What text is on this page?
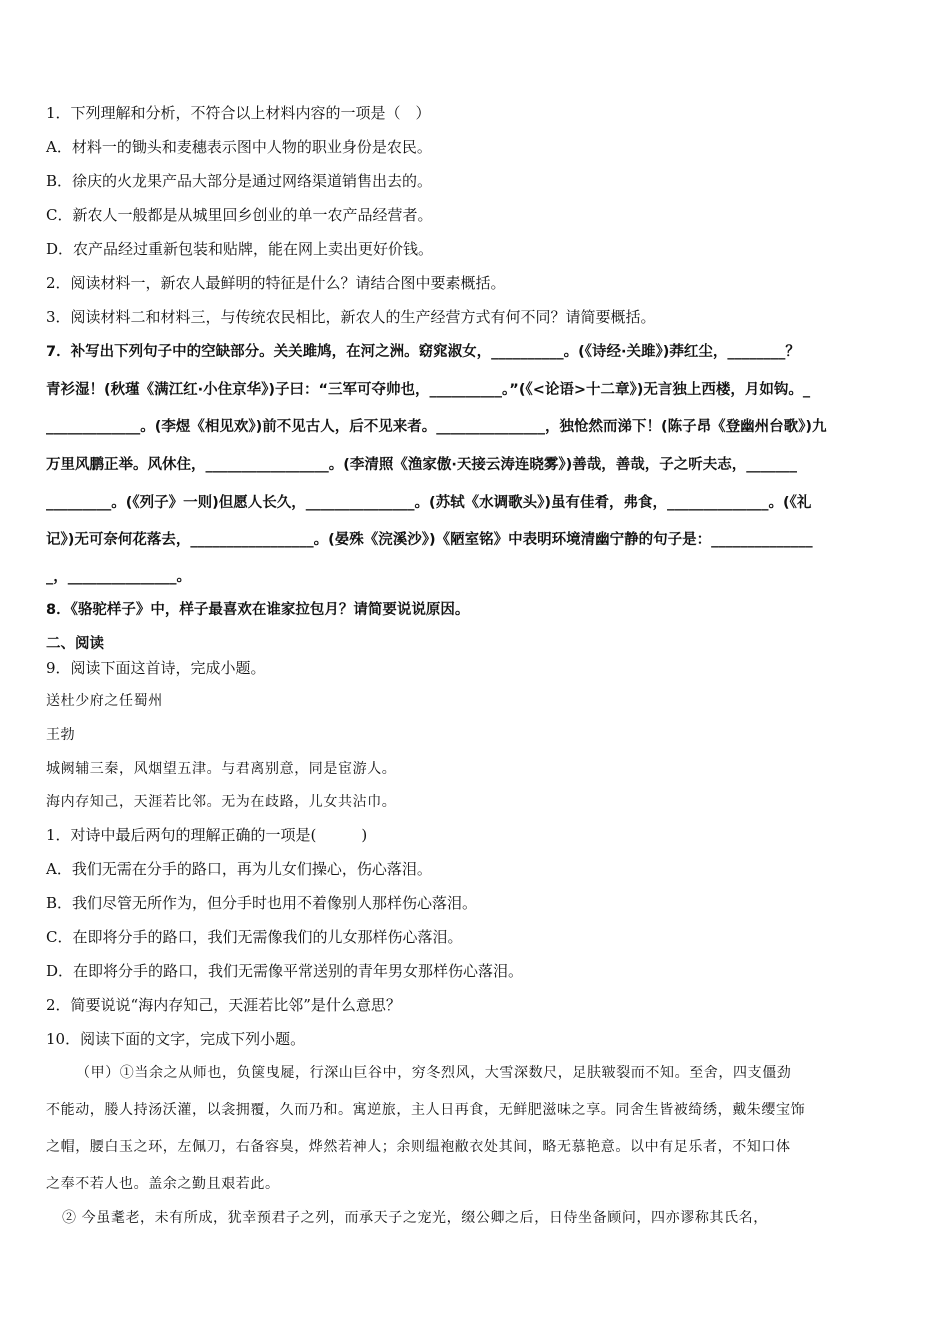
1．下列理解和分析，不符合以上材料内容的一项是（　）
A．材料一的锄头和麦穗表示图中人物的职业身份是农民。
B．徐庆的火龙果产品大部分是通过网络渠道销售出去的。
C．新农人一般都是从城里回乡创业的单一农产品经营者。
D．农产品经过重新包装和贴牌，能在网上卖出更好价钱。
2．阅读材料一，新农人最鲜明的特征是什么？请结合图中要素概括。
3．阅读材料二和材料三，与传统农民相比，新农人的生产经营方式有何不同？请简要概括。
7．补写出下列句子中的空缺部分。关关雎鸠，在河之洲。窈窕淑女，__________。(《诗经·关雎》)莽红尘，________？
青衫湿！(秋瑾《满江红·小住京华》)子曰：“三军可夺帅也，__________。”(《<论语>十二章》)无言独上西楼，月如钩。_
_____________。(李煜《相见欢》)前不见古人，后不见来者。_______________，独怆然而涕下！(陈子昂《登幽州台歌》)九
万里风鹏正举。风休住，_________________。(李清照《渔家傲·天接云涛连晓雾》)善哉，善哉，子之听夫志，_______
_________。(《列子》一则)但愿人长久，_______________。(苏轼《水调歌头》)虽有佳肴，弗食，______________。(《礼
记》)无可奈何花落去，_________________。(晏殊《浣溪沙》)《陋室铭》中表明环境清幽宁静的句子是：______________
_，_______________。
8．《骆驼样子》中，样子最喜欢在谁家拉包月？请简要说说原因。
二、阅读
9．阅读下面这首诗，完成小题。
送杜少府之任蜀州
王勃
城阙辅三秦，风烟望五津。与君离别意，同是宦游人。
海内存知己，天涯若比邻。无为在歧路，儿女共沾巾。
1．对诗中最后两句的理解正确的一项是(　　　)
A．我们无需在分手的路口，再为儿女们操心，伤心落泪。
B．我们尽管无所作为，但分手时也用不着像别人那样伤心落泪。
C．在即将分手的路口，我们无需像我们的儿女那样伤心落泪。
D．在即将分手的路口，我们无需像平常送别的青年男女那样伤心落泪。
2．简要说说“海内存知己，天涯若比邻”是什么意思？
10．阅读下面的文字，完成下列小题。
（甲）①当余之从师也，负箧曳屣，行深山巨谷中，穷冬烈风，大雪深数尺，足肤皲裂而不知。至舍，四支僵劲
不能动，媵人持汤沃灌，以衾拥覆，久而乃和。寓逆旅，主人日再食，无鲜肥滋味之享。同舍生皆被绮绣，戴朱缨宝饰
之帽，腰白玉之环，左佩刀，右备容臭，烨然若神人；余则缊袍敝衣处其间，略无慕艳意。以中有足乐者，不知口体
之奉不若人也。盖余之勤且艰若此。
② 今虽耄老，未有所成，犹幸预君子之列，而承天子之宠光，缀公卿之后，日侍坐备顾问，四亦谬称其氏名，
